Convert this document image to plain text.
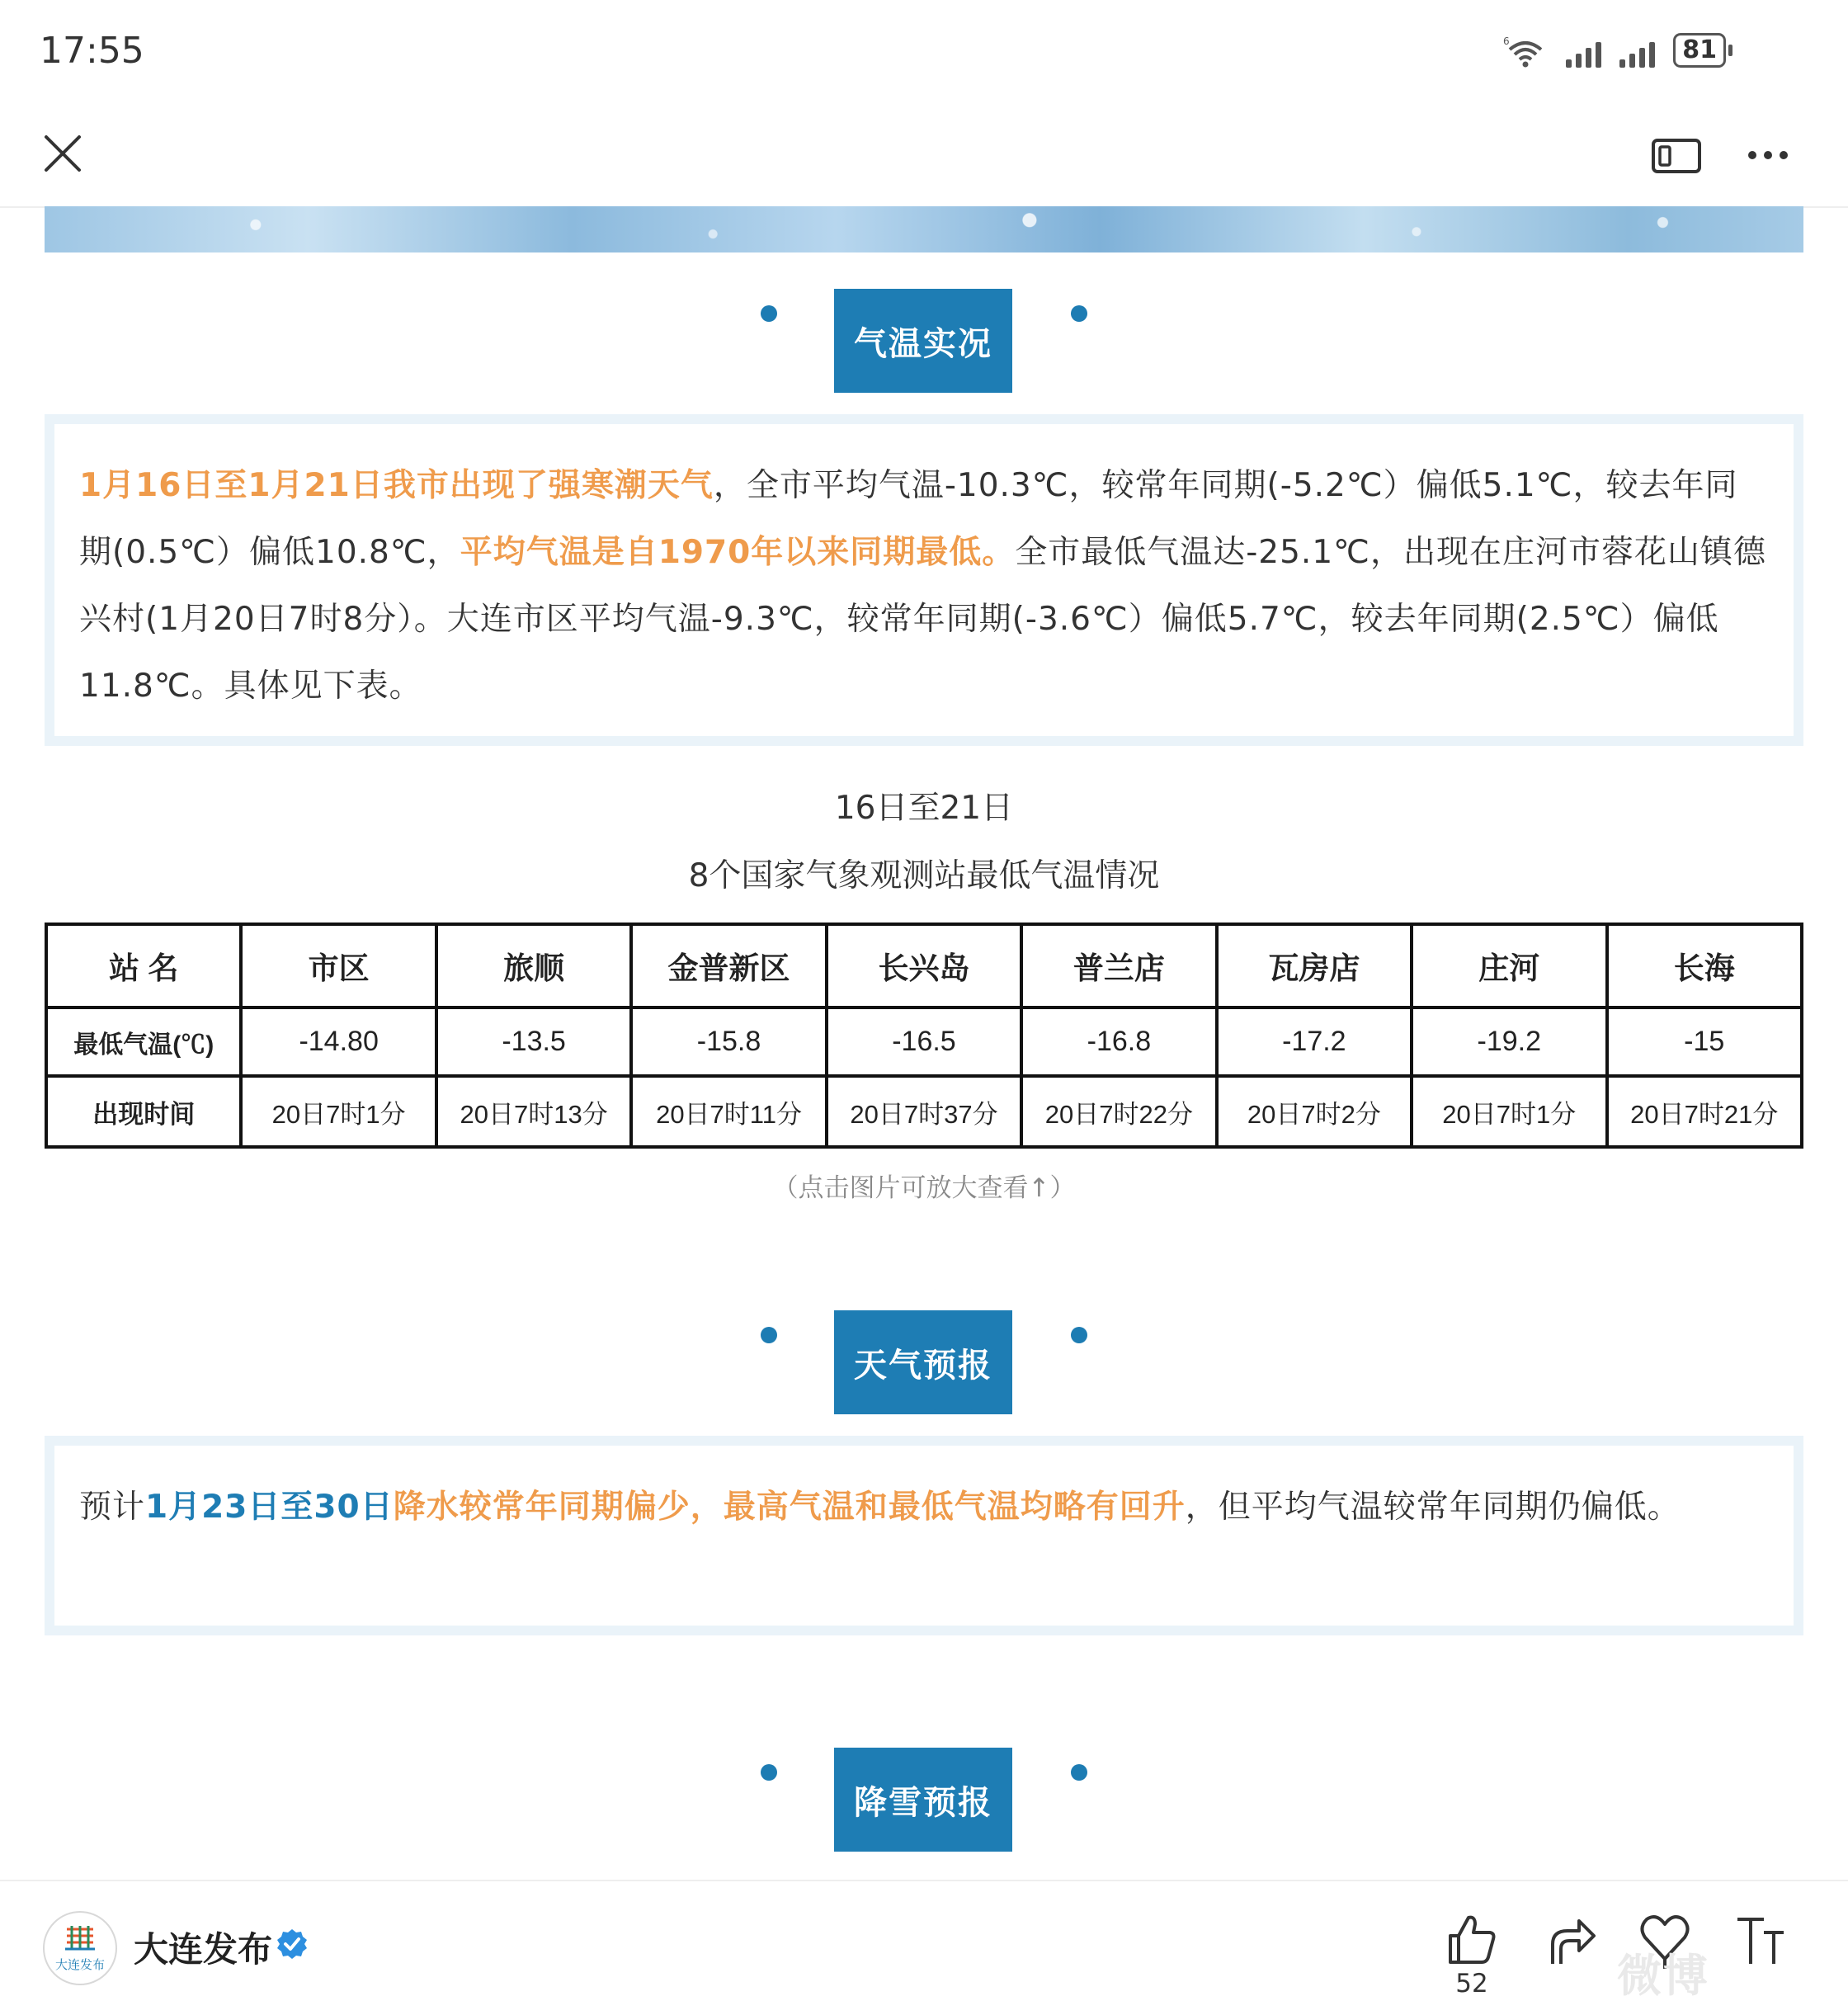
17:55	6	81
气温实况
1月16日至1月21日我市出现了强寒潮天气，全市平均气温-10.3℃，较常年同期(-5.2℃）偏低5.1℃，较去年同期(0.5℃）偏低10.8℃，平均气温是自1970年以来同期最低。全市最低气温达-25.1℃，出现在庄河市蓉花山镇德兴村(1月20日7时8分）。大连市区平均气温-9.3℃，较常年同期(-3.6℃）偏低5.7℃，较去年同期(2.5℃）偏低11.8℃。具体见下表。
16日至21日
8个国家气象观测站最低气温情况
站 名	市区	旅顺	金普新区	长兴岛	普兰店	瓦房店	庄河	长海
最低气温(℃)	-14.80	-13.5	-15.8	-16.5	-16.8	-17.2	-19.2	-15
出现时间	20日7时1分	20日7时13分	20日7时11分	20日7时37分	20日7时22分	20日7时2分	20日7时1分	20日7时21分
（点击图片可放大查看↑）
天气预报
预计1月23日至30日降水较常年同期偏少，最高气温和最低气温均略有回升，但平均气温较常年同期仍偏低。
降雪预报
大连发布 大连发布
52	微博
